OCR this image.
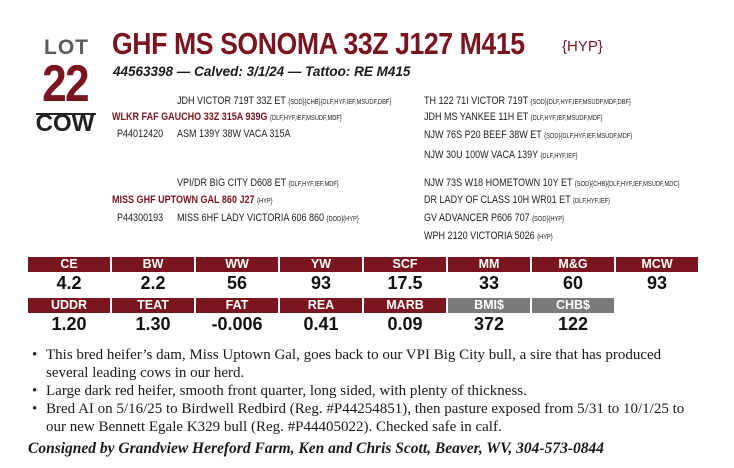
LOT
22
COW
GHF MS SONOMA 33Z J127 M415 {HYP}
44563398 — Calved: 3/1/24 — Tattoo: RE M415
JDH VICTOR 719T 33Z ET {SOD}{CHB}{DLF,HYF,IEF,MSUDF,DBF}
WLKR FAF GAUCHO 33Z 315A 939G {DLF,HYF,IEF,MSUDF,MDF}
P44012420 ASM 139Y 38W VACA 315A
TH 122 71I VICTOR 719T {SOD}{DLF,HYF,IEF,MSUDF,MDF,DBF}
JDH MS YANKEE 11H ET {DLF,HYF,IEF,MSUDF,MDF}
NJW 76S P20 BEEF 38W ET {SOD}{DLF,HYF,IEF,MSUDF,MDF}
NJW 30U 100W VACA 139Y {DLF,HYF,IEF}
VPI/DR BIG CITY D608 ET {DLF,HYF,IEF,MDF}
MISS GHF UPTOWN GAL 860 J27 {HYP}
P44300193 MISS 6HF LADY VICTORIA 606 860 {DOD}{HYP}
NJW 73S W18 HOMETOWN 10Y ET {SOD}{CHB}{DLF,HYF,IEF,MSUDF,MDC}
DR LADY OF CLASS 10H WR01 ET {DLF,HYF,IEF}
GV ADVANCER P606 707 {SOD}{HYP}
WPH 2120 VICTORIA 5026 {HYP}
CE	BW	WW	YW	SCF	MM	M&G	MCW
4.2	2.2	56	93	17.5	33	60	93
UDDR	TEAT	FAT	REA	MARB	BMI$	CHB$
1.20	1.30	-0.006	0.41	0.09	372	122
• This bred heifer’s dam, Miss Uptown Gal, goes back to our VPI Big City bull, a sire that has produced several leading cows in our herd.
• Large dark red heifer, smooth front quarter, long sided, with plenty of thickness.
• Bred AI on 5/16/25 to Birdwell Redbird (Reg. #P44254851), then pasture exposed from 5/31 to 10/1/25 to our new Bennett Egale K329 bull (Reg. #P44405022). Checked safe in calf.
Consigned by Grandview Hereford Farm, Ken and Chris Scott, Beaver, WV, 304-573-0844
